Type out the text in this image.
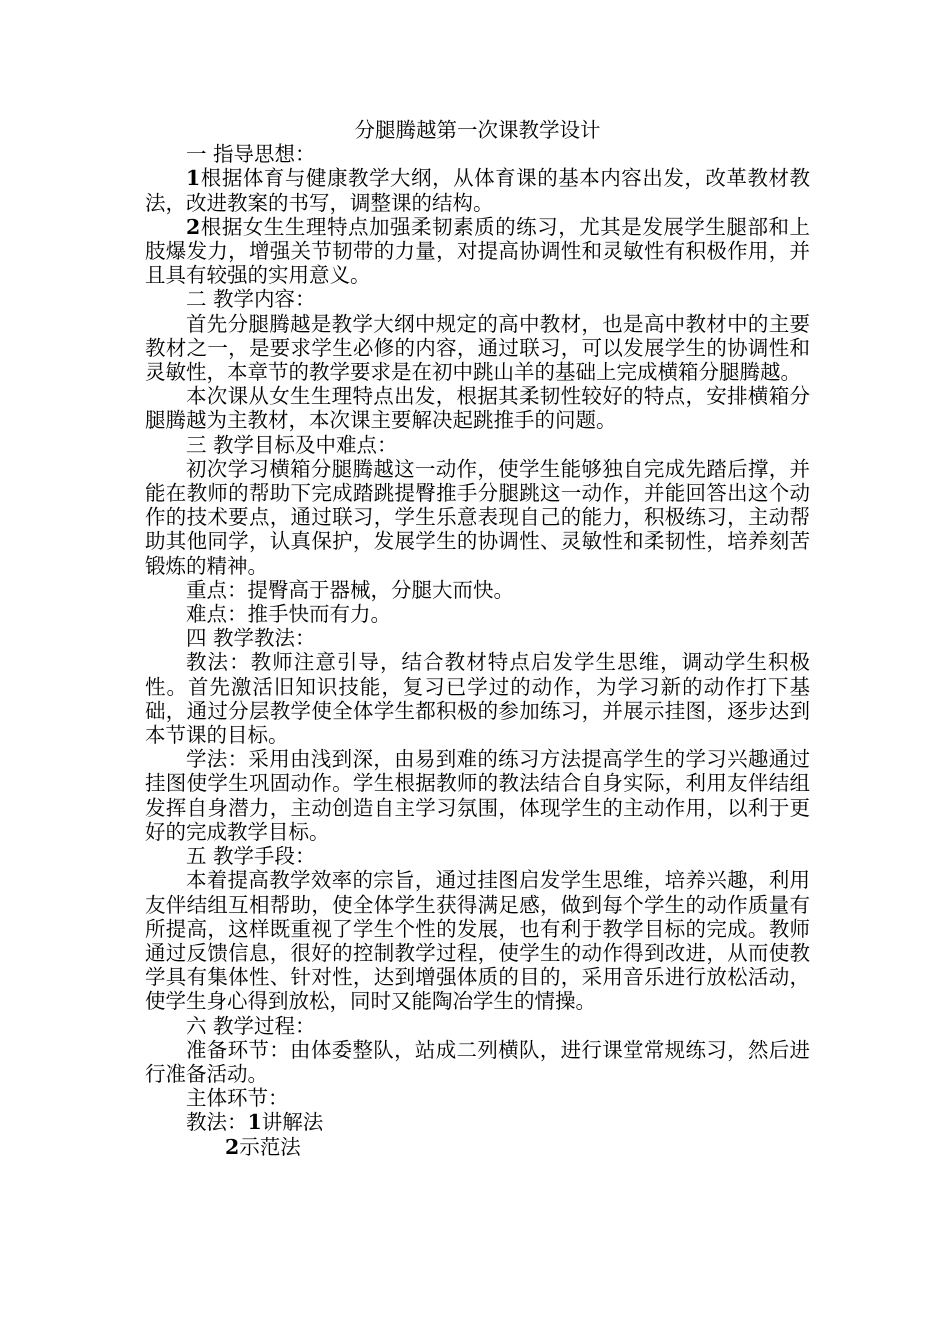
分腿腾越第一次课教学设计

一 指导思想：

1根据体育与健康教学大纲，从体育课的基本内容出发，改革教材教法，改进教案的书写，调整课的结构。

2根据女生生理特点加强柔韧素质的练习，尤其是发展学生腿部和上肢爆发力，增强关节韧带的力量，对提高协调性和灵敏性有积极作用，并且具有较强的实用意义。

二 教学内容：

首先分腿腾越是教学大纲中规定的高中教材，也是高中教材中的主要教材之一，是要求学生必修的内容，通过联习，可以发展学生的协调性和灵敏性，本章节的教学要求是在初中跳山羊的基础上完成横箱分腿腾越。

本次课从女生生理特点出发，根据其柔韧性较好的特点，安排横箱分腿腾越为主教材，本次课主要解决起跳推手的问题。

三 教学目标及中难点：

初次学习横箱分腿腾越这一动作，使学生能够独自完成先踏后撑，并能在教师的帮助下完成踏跳提臀推手分腿跳这一动作，并能回答出这个动作的技术要点，通过联习，学生乐意表现自己的能力，积极练习，主动帮助其他同学，认真保护，发展学生的协调性、灵敏性和柔韧性，培养刻苦锻炼的精神。

重点：提臀高于器械，分腿大而快。

难点：推手快而有力。

四 教学教法：

教法：教师注意引导，结合教材特点启发学生思维，调动学生积极性。首先激活旧知识技能，复习已学过的动作，为学习新的动作打下基础，通过分层教学使全体学生都积极的参加练习，并展示挂图，逐步达到本节课的目标。

学法：采用由浅到深，由易到难的练习方法提高学生的学习兴趣通过挂图使学生巩固动作。学生根据教师的教法结合自身实际，利用友伴结组发挥自身潜力，主动创造自主学习氛围，体现学生的主动作用，以利于更好的完成教学目标。

五 教学手段：

本着提高教学效率的宗旨，通过挂图启发学生思维，培养兴趣，利用友伴结组互相帮助，使全体学生获得满足感，做到每个学生的动作质量有所提高，这样既重视了学生个性的发展，也有利于教学目标的完成。教师通过反馈信息，很好的控制教学过程，使学生的动作得到改进，从而使教学具有集体性、针对性，达到增强体质的目的，采用音乐进行放松活动，使学生身心得到放松，同时又能陶冶学生的情操。

六 教学过程：

准备环节：由体委整队，站成二列横队，进行课堂常规练习，然后进行准备活动。

主体环节：

教法：1讲解法

2示范法
